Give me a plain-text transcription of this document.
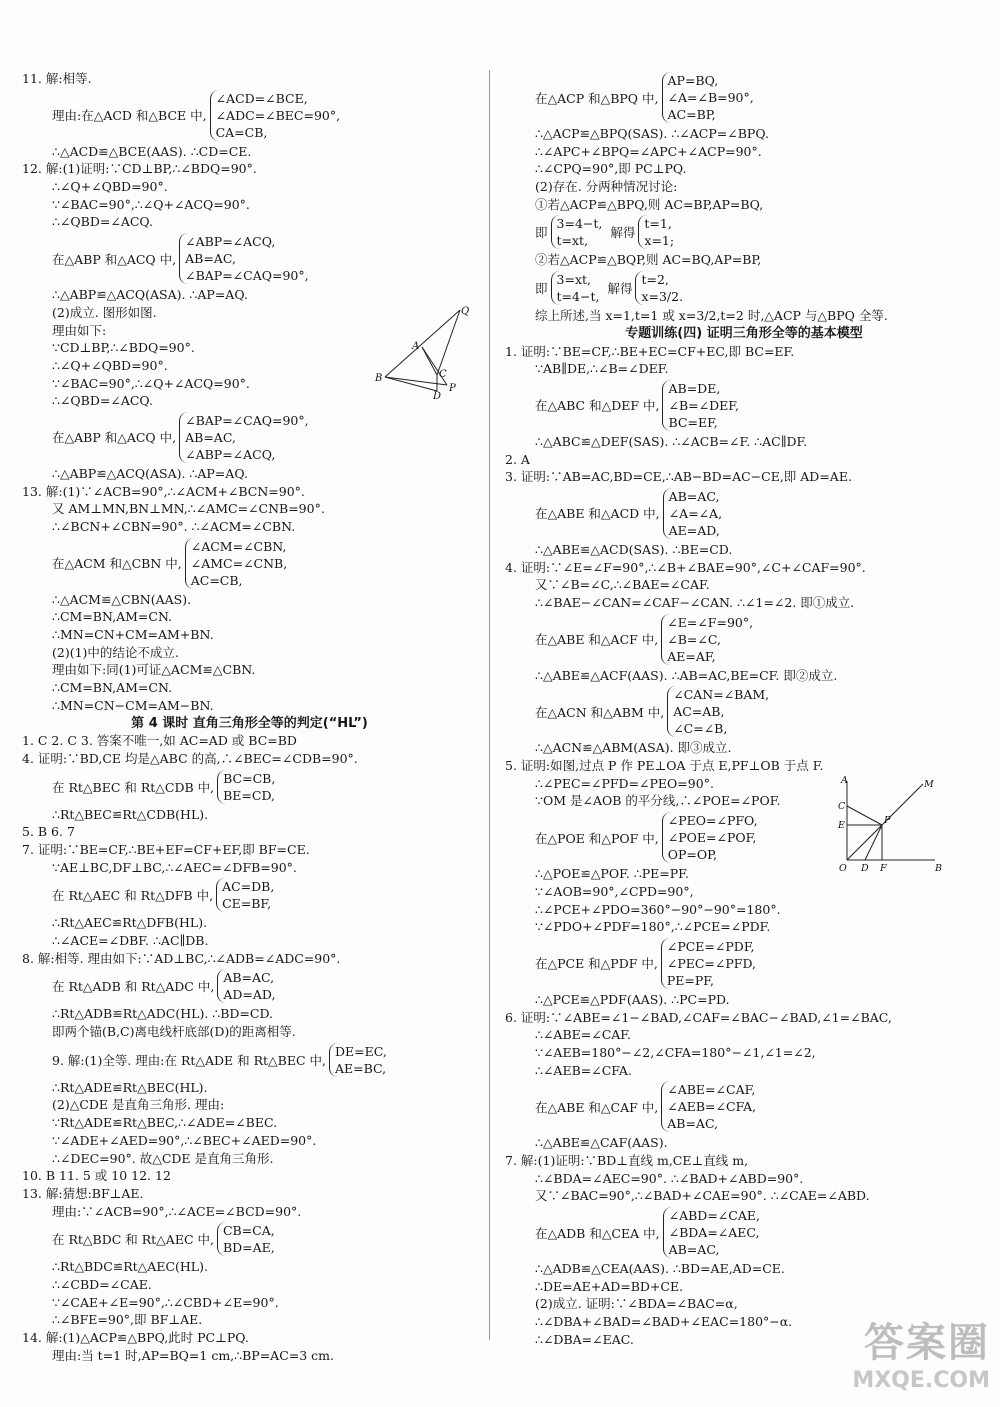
11. 解:相等.
理由:在△ACD 和△BCE 中,
∠ACD=∠BCE,
∠ADC=∠BEC=90°,
CA=CB,
∴△ACD≌△BCE(AAS). ∴CD=CE.
12. 解:(1)证明:∵CD⊥BP,∴∠BDQ=90°.
∴∠Q+∠QBD=90°.
∵∠BAC=90°,∴∠Q+∠ACQ=90°.
∴∠QBD=∠ACQ.
在△ABP 和△ACQ 中,
∠ABP=∠ACQ,
AB=AC,
∠BAP=∠CAQ=90°,
∴△ABP≌△ACQ(ASA). ∴AP=AQ.
(2)成立. 图形如图.
理由如下:
∵CD⊥BP,∴∠BDQ=90°.
∴∠Q+∠QBD=90°.
∵∠BAC=90°,∴∠Q+∠ACQ=90°.
∴∠QBD=∠ACQ.
在△ABP 和△ACQ 中,
∠BAP=∠CAQ=90°,
AB=AC,
∠ABP=∠ACQ,
∴△ABP≌△ACQ(ASA). ∴AP=AQ.
13. 解:(1)∵∠ACB=90°,∴∠ACM+∠BCN=90°.
又 AM⊥MN,BN⊥MN,∴∠AMC=∠CNB=90°.
∴∠BCN+∠CBN=90°. ∴∠ACM=∠CBN.
在△ACM 和△CBN 中,
∠ACM=∠CBN,
∠AMC=∠CNB,
AC=CB,
∴△ACM≌△CBN(AAS).
∴CM=BN,AM=CN.
∴MN=CN+CM=AM+BN.
(2)(1)中的结论不成立.
理由如下:同(1)可证△ACM≌△CBN.
∴CM=BN,AM=CN.
∴MN=CN−CM=AM−BN.
第 4 课时 直角三角形全等的判定(“HL”)
1. C 2. C 3. 答案不唯一,如 AC=AD 或 BC=BD
4. 证明:∵BD,CE 均是△ABC 的高,∴∠BEC=∠CDB=90°.
在 Rt△BEC 和 Rt△CDB 中,
BC=CB,
BE=CD,
∴Rt△BEC≌Rt△CDB(HL).
5. B 6. 7
7. 证明:∵BE=CF,∴BE+EF=CF+EF,即 BF=CE.
∵AE⊥BC,DF⊥BC,∴∠AEC=∠DFB=90°.
在 Rt△AEC 和 Rt△DFB 中,
AC=DB,
CE=BF,
∴Rt△AEC≌Rt△DFB(HL).
∴∠ACE=∠DBF. ∴AC∥DB.
8. 解:相等. 理由如下:∵AD⊥BC,∴∠ADB=∠ADC=90°.
在 Rt△ADB 和 Rt△ADC 中,
AB=AC,
AD=AD,
∴Rt△ADB≌Rt△ADC(HL). ∴BD=CD.
即两个锚(B,C)离电线杆底部(D)的距离相等.
9. 解:(1)全等. 理由:在 Rt△ADE 和 Rt△BEC 中,
DE=EC,
AE=BC,
∴Rt△ADE≌Rt△BEC(HL).
(2)△CDE 是直角三角形. 理由:
∵Rt△ADE≌Rt△BEC,∴∠ADE=∠BEC.
∵∠ADE+∠AED=90°,∴∠BEC+∠AED=90°.
∴∠DEC=90°. 故△CDE 是直角三角形.
10. B 11. 5 或 10 12. 12
13. 解:猜想:BF⊥AE.
理由:∵∠ACB=90°,∴∠ACE=∠BCD=90°.
在 Rt△BDC 和 Rt△AEC 中,
CB=CA,
BD=AE,
∴Rt△BDC≌Rt△AEC(HL).
∴∠CBD=∠CAE.
∵∠CAE+∠E=90°,∴∠CBD+∠E=90°.
∴∠BFE=90°,即 BF⊥AE.
14. 解:(1)△ACP≌△BPQ,此时 PC⊥PQ.
理由:当 t=1 时,AP=BQ=1 cm,∴BP=AC=3 cm.
在△ACP 和△BPQ 中,
AP=BQ,
∠A=∠B=90°,
AC=BP,
∴△ACP≌△BPQ(SAS). ∴∠ACP=∠BPQ.
∴∠APC+∠BPQ=∠APC+∠ACP=90°.
∴∠CPQ=90°,即 PC⊥PQ.
(2)存在. 分两种情况讨论:
①若△ACP≌△BPQ,则 AC=BP,AP=BQ,
即
3=4−t,
t=xt,
解得
t=1,
x=1;
②若△ACP≌△BQP,则 AC=BQ,AP=BP,
即
3=xt,
t=4−t,
解得
t=2,
x=3/2.
综上所述,当 x=1,t=1 或 x=3/2,t=2 时,△ACP 与△BPQ 全等.
专题训练(四) 证明三角形全等的基本模型
1. 证明:∵BE=CF,∴BE+EC=CF+EC,即 BC=EF.
∵AB∥DE,∴∠B=∠DEF.
在△ABC 和△DEF 中,
AB=DE,
∠B=∠DEF,
BC=EF,
∴△ABC≌△DEF(SAS). ∴∠ACB=∠F. ∴AC∥DF.
2. A
3. 证明:∵AB=AC,BD=CE,∴AB−BD=AC−CE,即 AD=AE.
在△ABE 和△ACD 中,
AB=AC,
∠A=∠A,
AE=AD,
∴△ABE≌△ACD(SAS). ∴BE=CD.
4. 证明:∵∠E=∠F=90°,∴∠B+∠BAE=90°,∠C+∠CAF=90°.
又∵∠B=∠C,∴∠BAE=∠CAF.
∴∠BAE−∠CAN=∠CAF−∠CAN. ∴∠1=∠2. 即①成立.
在△ABE 和△ACF 中,
∠E=∠F=90°,
∠B=∠C,
AE=AF,
∴△ABE≌△ACF(AAS). ∴AB=AC,BE=CF. 即②成立.
在△ACN 和△ABM 中,
∠CAN=∠BAM,
AC=AB,
∠C=∠B,
∴△ACN≌△ABM(ASA). 即③成立.
5. 证明:如图,过点 P 作 PE⊥OA 于点 E,PF⊥OB 于点 F.
∴∠PEC=∠PFD=∠PEO=90°.
∵OM 是∠AOB 的平分线,∴∠POE=∠POF.
在△POE 和△POF 中,
∠PEO=∠PFO,
∠POE=∠POF,
OP=OP,
∴△POE≌△POF. ∴PE=PF.
∵∠AOB=90°,∠CPD=90°,
∴∠PCE+∠PDO=360°−90°−90°=180°.
∵∠PDO+∠PDF=180°,∴∠PCE=∠PDF.
在△PCE 和△PDF 中,
∠PCE=∠PDF,
∠PEC=∠PFD,
PE=PF,
∴△PCE≌△PDF(AAS). ∴PC=PD.
6. 证明:∵∠ABE=∠1−∠BAD,∠CAF=∠BAC−∠BAD,∠1=∠BAC,
∴∠ABE=∠CAF.
∵∠AEB=180°−∠2,∠CFA=180°−∠1,∠1=∠2,
∴∠AEB=∠CFA.
在△ABE 和△CAF 中,
∠ABE=∠CAF,
∠AEB=∠CFA,
AB=AC,
∴△ABE≌△CAF(AAS).
7. 解:(1)证明:∵BD⊥直线 m,CE⊥直线 m,
∴∠BDA=∠AEC=90°. ∴∠BAD+∠ABD=90°.
又∵∠BAC=90°,∴∠BAD+∠CAE=90°. ∴∠CAE=∠ABD.
在△ADB 和△CEA 中,
∠ABD=∠CAE,
∠BDA=∠AEC,
AB=AC,
∴△ADB≌△CEA(AAS). ∴BD=AE,AD=CE.
∴DE=AE+AD=BD+CE.
(2)成立. 证明:∵∠BDA=∠BAC=α,
∴∠DBA+∠BAD=∠BAD+∠EAC=180°−α.
∴∠DBA=∠EAC.
Q
A
B	C
D
P
A	M
C
E	P
O D F	B
答案圈
MXQE.COM
